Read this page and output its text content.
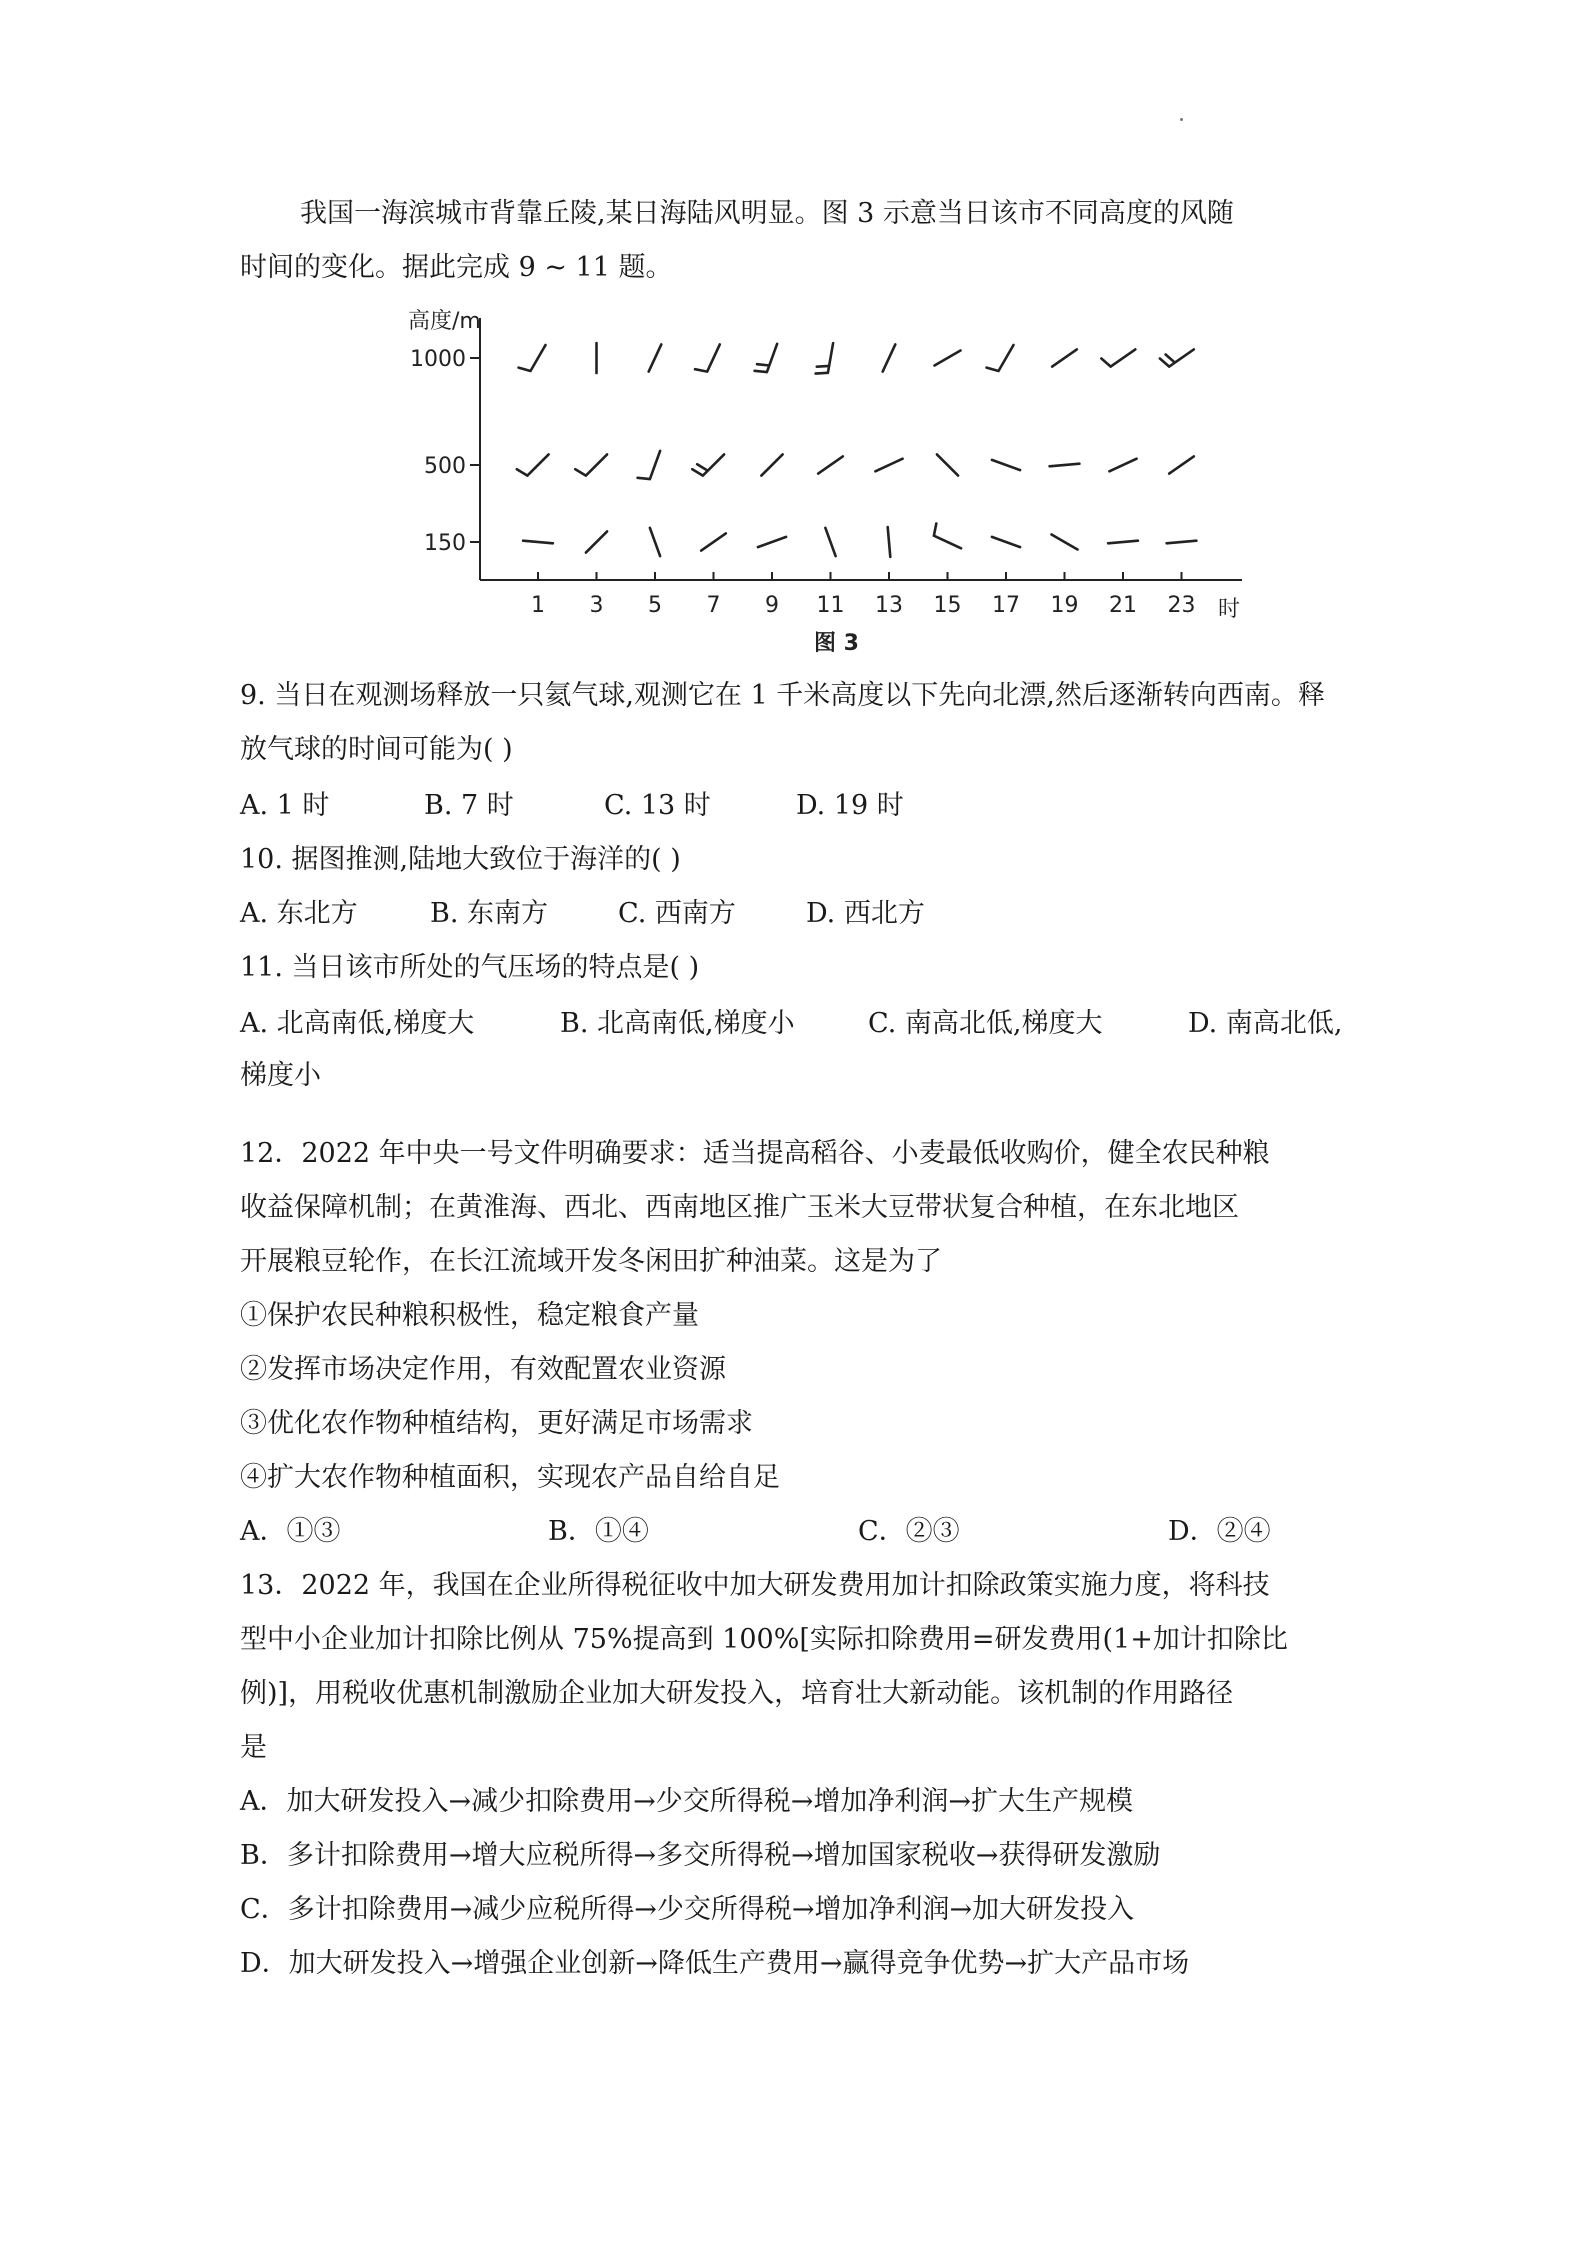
我国一海滨城市背靠丘陵,某日海陆风明显。图 3 示意当日该市不同高度的风随
时间的变化。据此完成 9 ~ 11 题。
高度/m
1000
500
150
1 3 5 7 9 11 13 15 17 19 21 23 时
图 3
9. 当日在观测场释放一只氦气球,观测它在 1 千米高度以下先向北漂,然后逐渐转向西南。释
放气球的时间可能为( )
A. 1 时	B. 7 时	C. 13 时	D. 19 时
10. 据图推测,陆地大致位于海洋的( )
A. 东北方	B. 东南方	C. 西南方	D. 西北方
11. 当日该市所处的气压场的特点是( )
A. 北高南低,梯度大	B. 北高南低,梯度小	C. 南高北低,梯度大	D. 南高北低,
梯度小
12．2022 年中央一号文件明确要求：适当提高稻谷、小麦最低收购价，健全农民种粮
收益保障机制；在黄淮海、西北、西南地区推广玉米大豆带状复合种植，在东北地区
开展粮豆轮作，在长江流域开发冬闲田扩种油菜。这是为了
①保护农民种粮积极性，稳定粮食产量
②发挥市场决定作用，有效配置农业资源
③优化农作物种植结构，更好满足市场需求
④扩大农作物种植面积，实现农产品自给自足
A．①③	B．①④	C．②③	D．②④
13．2022 年，我国在企业所得税征收中加大研发费用加计扣除政策实施力度，将科技
型中小企业加计扣除比例从 75%提高到 100%[实际扣除费用=研发费用(1+加计扣除比
例)]，用税收优惠机制激励企业加大研发投入，培育壮大新动能。该机制的作用路径
是
A．加大研发投入→减少扣除费用→少交所得税→增加净利润→扩大生产规模
B．多计扣除费用→增大应税所得→多交所得税→增加国家税收→获得研发激励
C．多计扣除费用→减少应税所得→少交所得税→增加净利润→加大研发投入
D．加大研发投入→增强企业创新→降低生产费用→赢得竞争优势→扩大产品市场
